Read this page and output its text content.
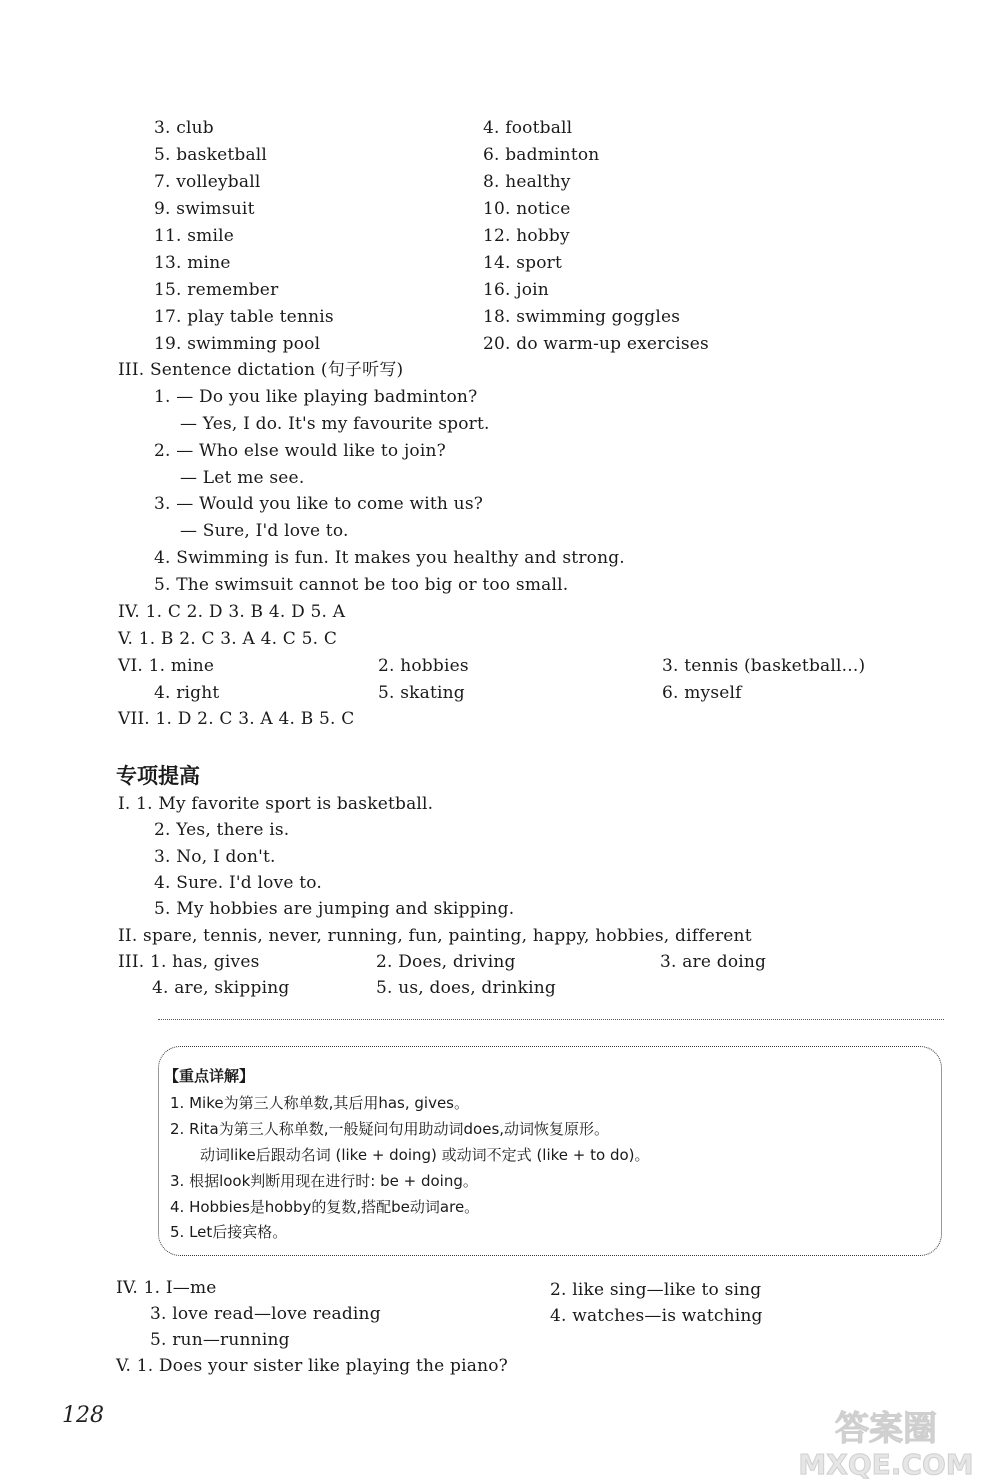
3. club	4. football
5. basketball	6. badminton
7. volleyball	8. healthy
9. swimsuit	10. notice
11. smile	12. hobby
13. mine	14. sport
15. remember	16. join
17. play table tennis	18. swimming goggles
19. swimming pool	20. do warm-up exercises
III. Sentence dictation (句子听写)
1. — Do you like playing badminton?
— Yes, I do. It's my favourite sport.
2. — Who else would like to join?
— Let me see.
3. — Would you like to come with us?
— Sure, I'd love to.
4. Swimming is fun. It makes you healthy and strong.
5. The swimsuit cannot be too big or too small.
IV. 1. C 2. D 3. B 4. D 5. A
V. 1. B 2. C 3. A 4. C 5. C
VI. 1. mine	2. hobbies	3. tennis (basketball...)
4. right	5. skating	6. myself
VII. 1. D 2. C 3. A 4. B 5. C
I. 1. My favorite sport is basketball.
2. Yes, there is.
3. No, I don't.
4. Sure. I'd love to.
5. My hobbies are jumping and skipping.
II. spare, tennis, never, running, fun, painting, happy, hobbies, different
III. 1. has, gives	2. Does, driving	3. are doing
4. are, skipping	5. us, does, drinking
IV. 1. I—me	2. like sing—like to sing
3. love read—love reading	4. watches—is watching
5. run—running
V. 1. Does your sister like playing the piano?
专项提高
【重点详解】
1. Mike为第三人称单数,其后用has, gives。
2. Rita为第三人称单数,一般疑问句用助动词does,动词恢复原形。
动词like后跟动名词 (like + doing) 或动词不定式 (like + to do)。
3. 根据look判断用现在进行时: be + doing。
4. Hobbies是hobby的复数,搭配be动词are。
5. Let后接宾格。
128	答案圈
MXQE.COM
